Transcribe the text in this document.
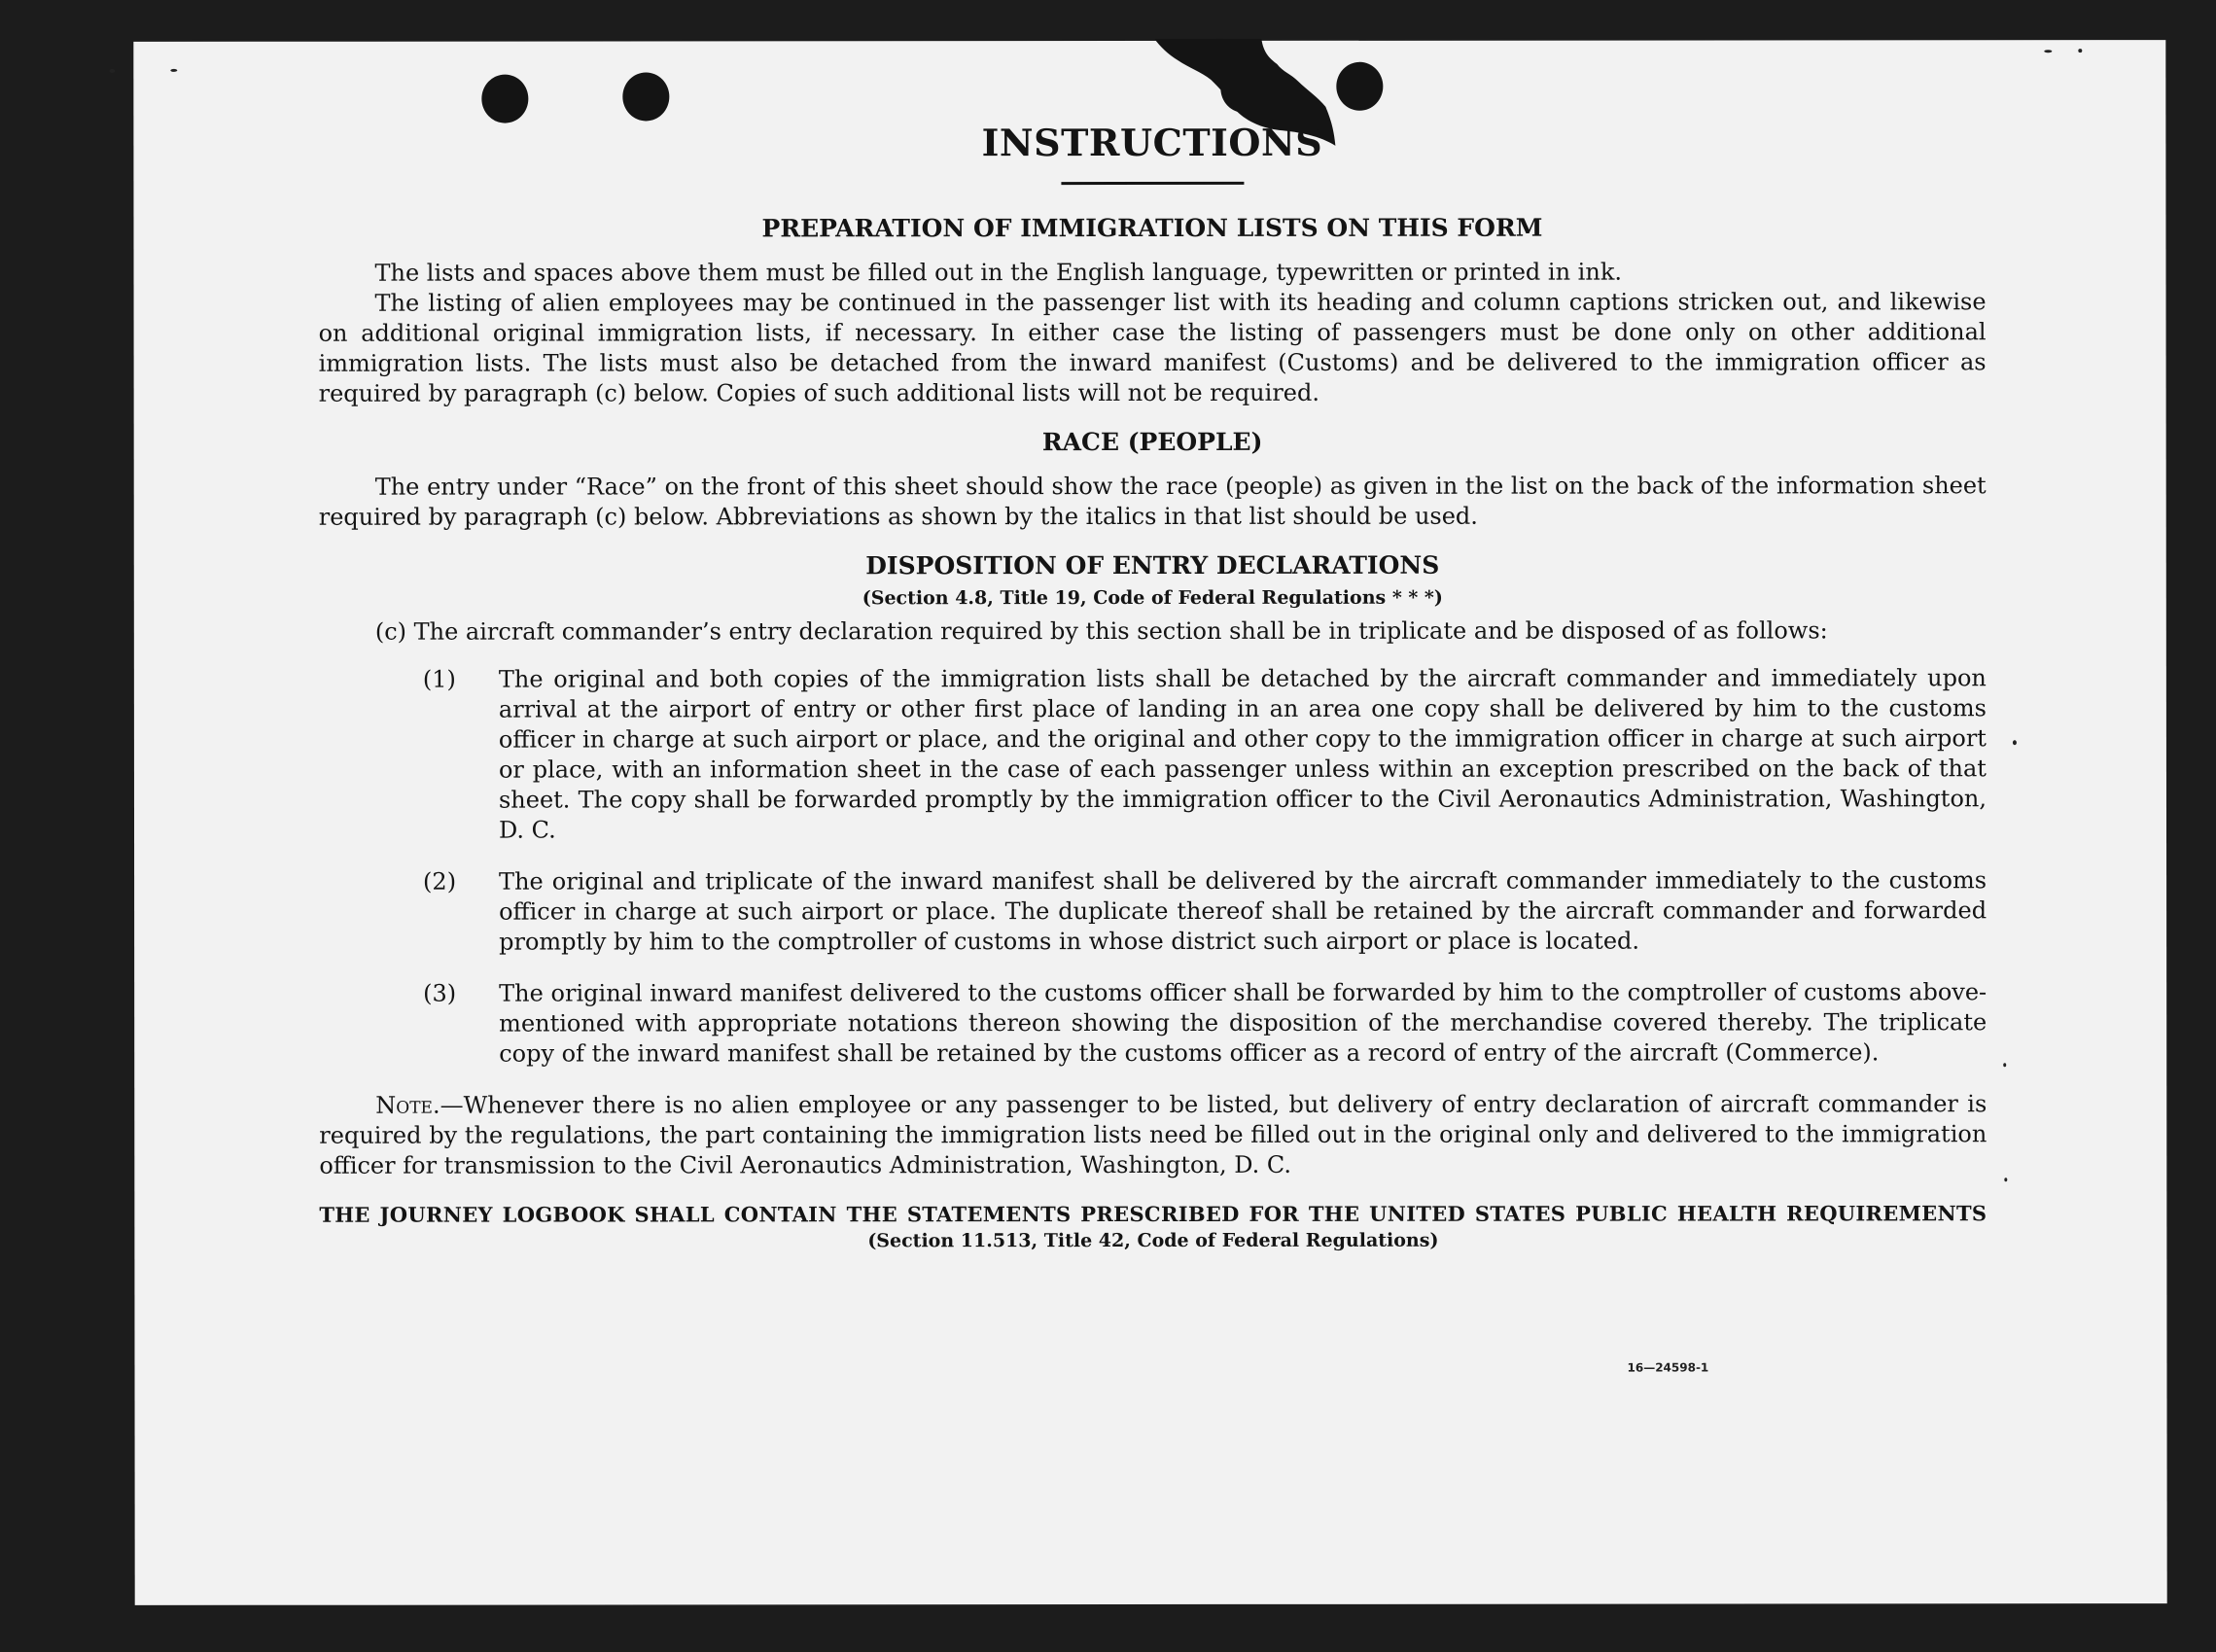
INSTRUCTIONS
PREPARATION OF IMMIGRATION LISTS ON THIS FORM

The lists and spaces above them must be filled out in the English language, typewritten or printed in ink.

The listing of alien employees may be continued in the passenger list with its heading and column captions stricken out, and likewise on additional original immigration lists, if necessary. In either case the listing of passengers must be done only on other additional immigration lists. The lists must also be detached from the inward manifest (Customs) and be delivered to the immigration officer as required by paragraph (c) below. Copies of such additional lists will not be required.

RACE (PEOPLE)

The entry under “Race” on the front of this sheet should show the race (people) as given in the list on the back of the information sheet required by paragraph (c) below. Abbreviations as shown by the italics in that list should be used.

DISPOSITION OF ENTRY DECLARATIONS
(Section 4.8, Title 19, Code of Federal Regulations * * *)

(c) The aircraft commander’s entry declaration required by this section shall be in triplicate and be disposed of as follows:

(1) The original and both copies of the immigration lists shall be detached by the aircraft commander and immediately upon arrival at the airport of entry or other first place of landing in an area one copy shall be delivered by him to the customs officer in charge at such airport or place, and the original and other copy to the immigration officer in charge at such airport or place, with an information sheet in the case of each passenger unless within an exception prescribed on the back of that sheet. The copy shall be forwarded promptly by the immigration officer to the Civil Aeronautics Administration, Washington, D. C.
(2) The original and triplicate of the inward manifest shall be delivered by the aircraft commander immediately to the customs officer in charge at such airport or place. The duplicate thereof shall be retained by the aircraft commander and forwarded promptly by him to the comptroller of customs in whose district such airport or place is located.
(3) The original inward manifest delivered to the customs officer shall be forwarded by him to the comptroller of customs above-mentioned with appropriate notations thereon showing the disposition of the merchandise covered thereby. The triplicate copy of the inward manifest shall be retained by the customs officer as a record of entry of the aircraft (Commerce).

Note.—Whenever there is no alien employee or any passenger to be listed, but delivery of entry declaration of aircraft commander is required by the regulations, the part containing the immigration lists need be filled out in the original only and delivered to the immigration officer for transmission to the Civil Aeronautics Administration, Washington, D. C.

THE JOURNEY LOGBOOK SHALL CONTAIN THE STATEMENTS PRESCRIBED FOR THE UNITED STATES PUBLIC HEALTH REQUIREMENTS
(Section 11.513, Title 42, Code of Federal Regulations)
16—24598-1
